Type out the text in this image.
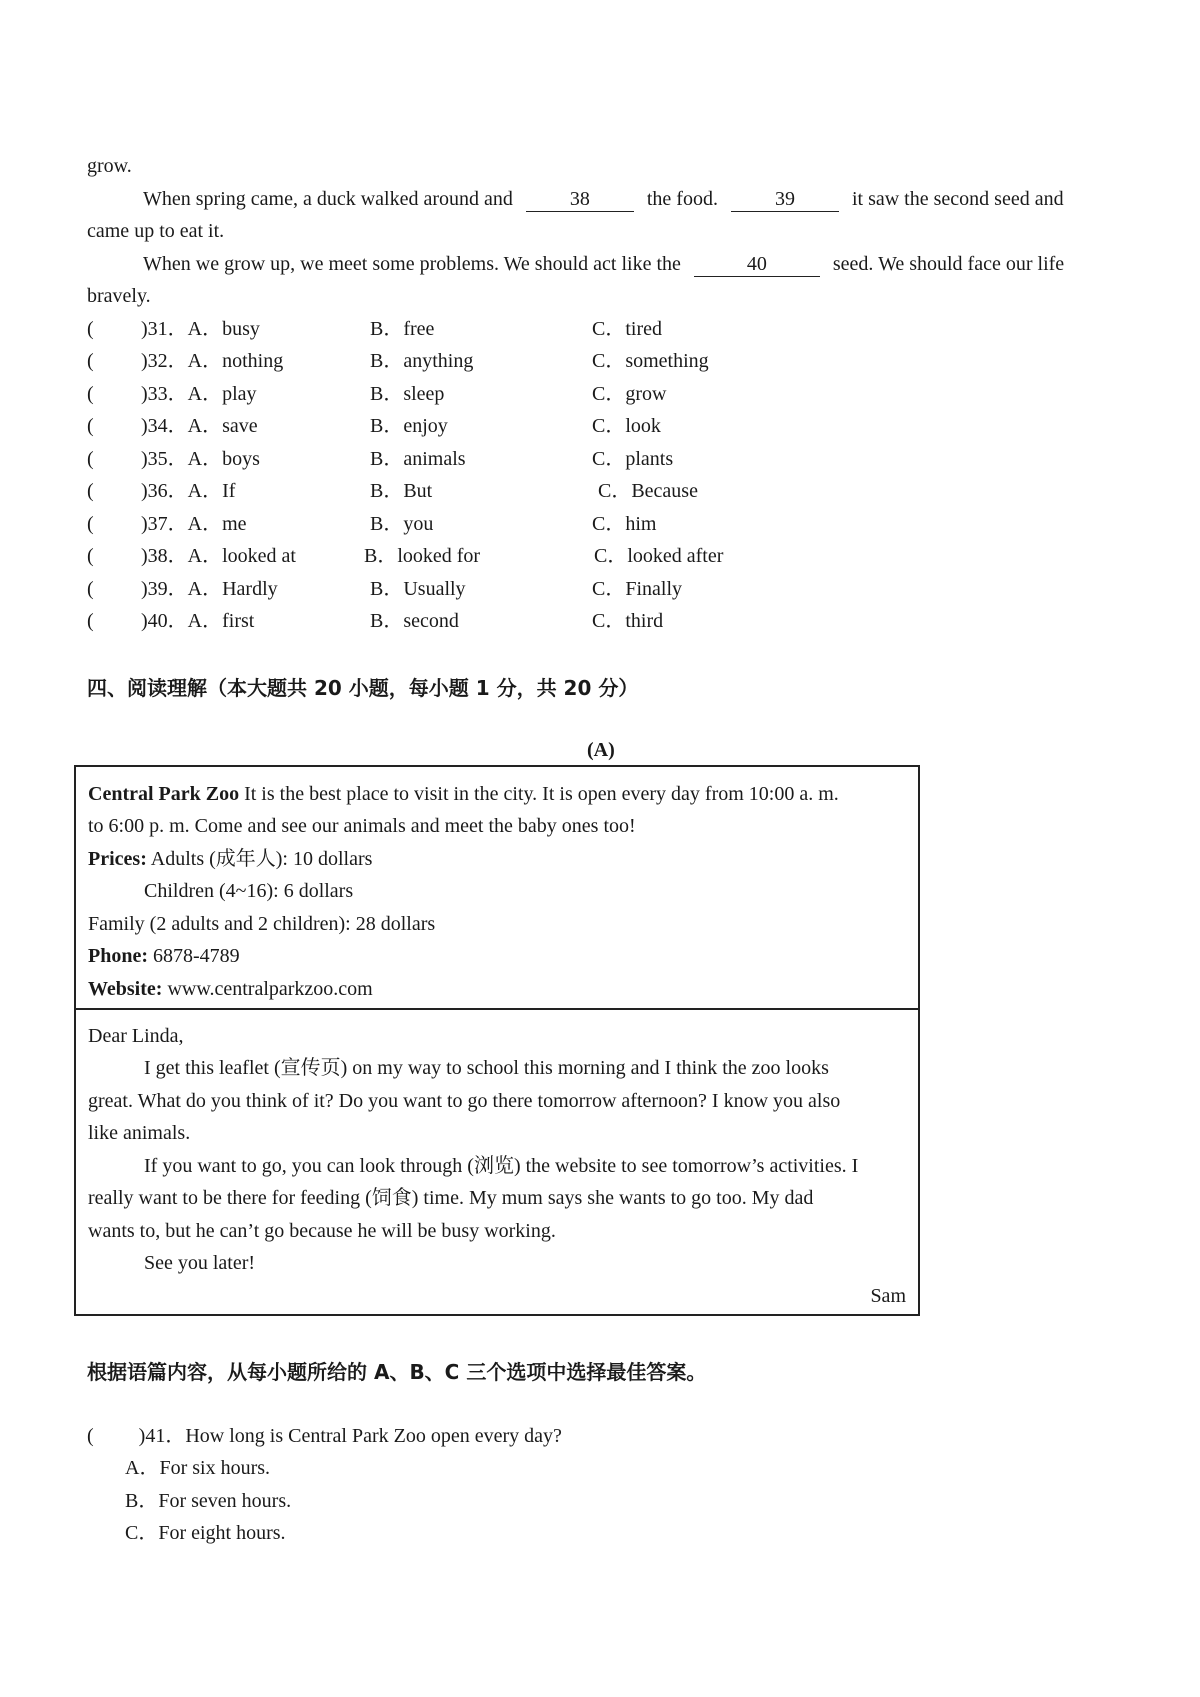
grow.
When spring came, a duck walked around and	38	the food.	39	it saw the second seed and
came up to eat it.
When we grow up, we meet some problems. We should act like the	40	seed. We should face our life
bravely.
( )31．A．busy	B．free	C．tired
( )32．A．nothing	B．anything	C．something
( )33．A．play	B．sleep	C．grow
( )34．A．save	B．enjoy	C．look
( )35．A．boys	B．animals	C．plants
( )36．A．If	B．But	C．Because
( )37．A．me	B．you	C．him
( )38．A．looked at	B．looked for	C．looked after
( )39．A．Hardly	B．Usually	C．Finally
( )40．A．first	B．second	C．third
四、阅读理解（本大题共 20 小题，每小题 1 分，共 20 分）
(A)
Central Park Zoo It is the best place to visit in the city. It is open every day from 10:00 a. m.
to 6:00 p. m. Come and see our animals and meet the baby ones too!
Prices: Adults (成年人): 10 dollars
Children (4~16): 6 dollars
Family (2 adults and 2 children): 28 dollars
Phone: 6878-4789
Website: www.centralparkzoo.com
Dear Linda,
I get this leaflet (宣传页) on my way to school this morning and I think the zoo looks
great. What do you think of it? Do you want to go there tomorrow afternoon? I know you also
like animals.
If you want to go, you can look through (浏览) the website to see tomorrow’s activities. I
really want to be there for feeding (饲食) time. My mum says she wants to go too. My dad
wants to, but he can’t go because he will be busy working.
See you later!
Sam
根据语篇内容，从每小题所给的 A、B、C 三个选项中选择最佳答案。
( )41．How long is Central Park Zoo open every day?
A．For six hours.
B．For seven hours.
C．For eight hours.
